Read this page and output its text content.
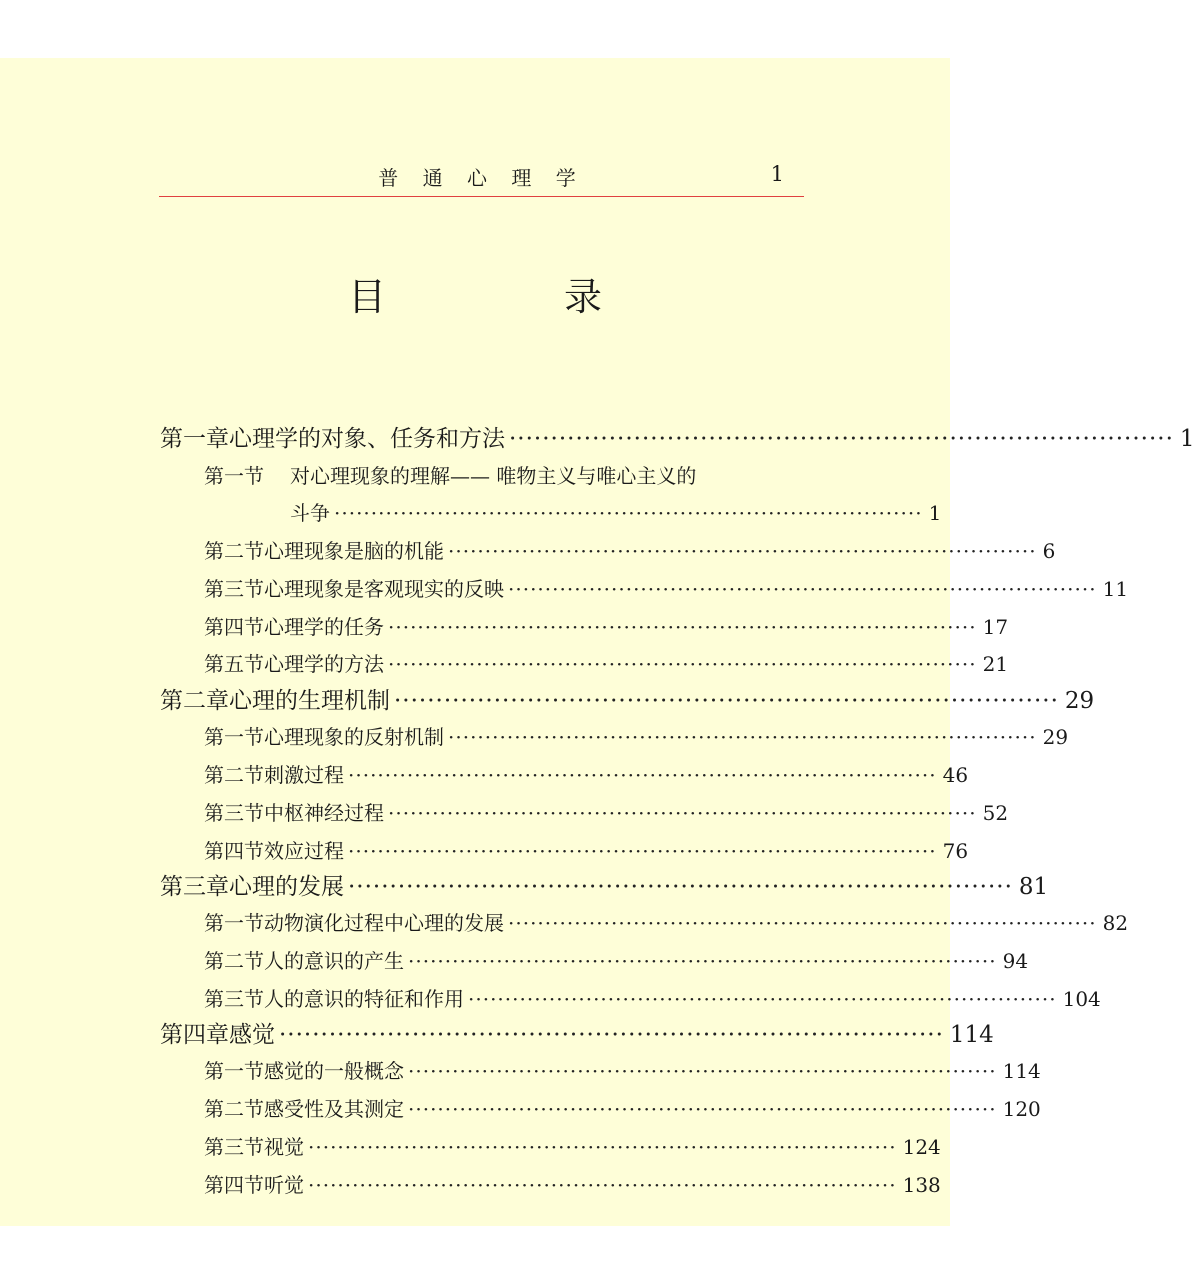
普 通 心 理 学	1
目　录
第一章 心理学的对象、任务和方法 ················································································ 1
第一节	对心理现象的理解—— 唯物主义与唯心主义的
斗争 ················································································ 1
第二节 心理现象是脑的机能 ················································································ 6
第三节 心理现象是客观现实的反映 ················································································ 11
第四节 心理学的任务 ················································································ 17
第五节 心理学的方法 ················································································ 21
第二章 心理的生理机制 ················································································ 29
第一节 心理现象的反射机制 ················································································ 29
第二节 刺激过程 ················································································ 46
第三节 中枢神经过程 ················································································ 52
第四节 效应过程 ················································································ 76
第三章 心理的发展 ················································································ 81
第一节 动物演化过程中心理的发展 ················································································ 82
第二节 人的意识的产生 ················································································ 94
第三节 人的意识的特征和作用 ················································································ 104
第四章 感觉 ················································································ 114
第一节 感觉的一般概念 ················································································ 114
第二节 感受性及其测定 ················································································ 120
第三节 视觉 ················································································ 124
第四节 听觉 ················································································ 138
